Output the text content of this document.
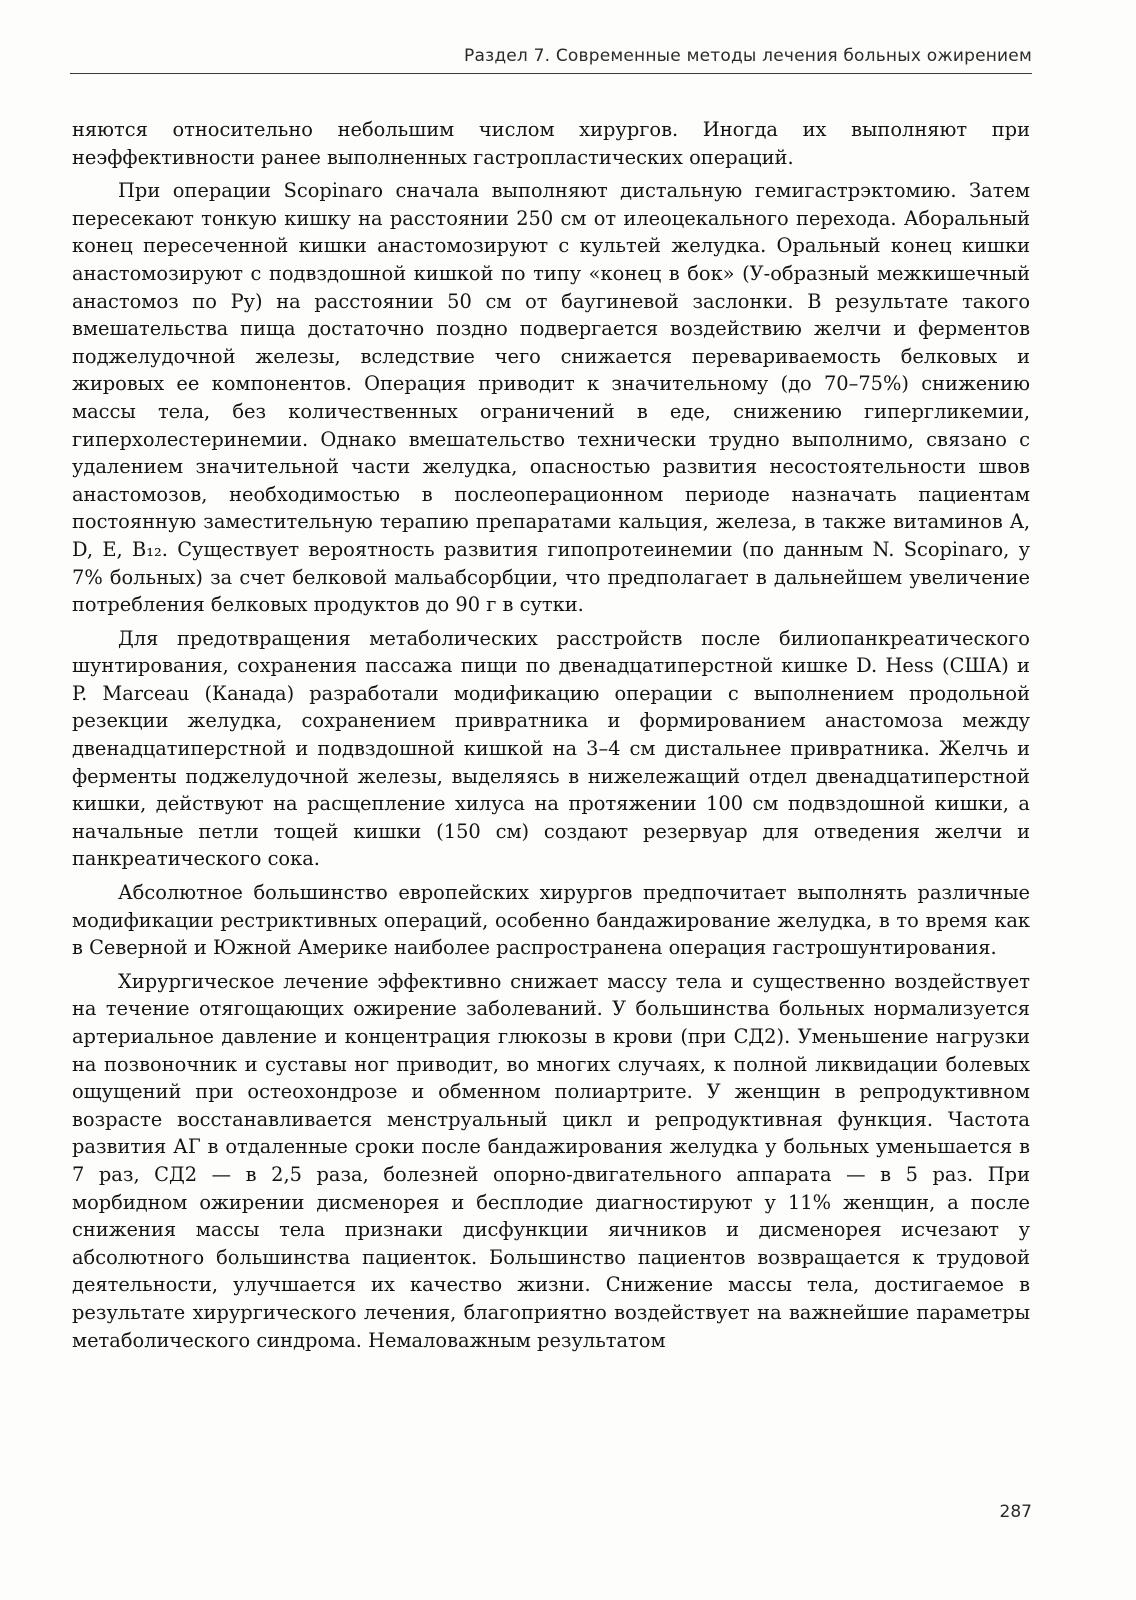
Раздел 7. Современные методы лечения больных ожирением

няются относительно небольшим числом хирургов. Иногда их выполняют при неэффективности ранее выполненных гастропластических операций.

При операции Scopinaro сначала выполняют дистальную гемигастрэктомию. Затем пересекают тонкую кишку на расстоянии 250 см от илеоцекального перехода. Аборальный конец пересеченной кишки анастомозируют с культей желудка. Оральный конец кишки анастомозируют с подвздошной кишкой по типу «конец в бок» (У-образный межкишечный анастомоз по Ру) на расстоянии 50 см от баугиневой заслонки. В результате такого вмешательства пища достаточно поздно подвергается воздействию желчи и ферментов поджелудочной железы, вследствие чего снижается перевариваемость белковых и жировых ее компонентов. Операция приводит к значительному (до 70–75%) снижению массы тела, без количественных ограничений в еде, снижению гипергликемии, гиперхолестеринемии. Однако вмешательство технически трудно выполнимо, связано с удалением значительной части желудка, опасностью развития несостоятельности швов анастомозов, необходимостью в послеоперационном периоде назначать пациентам постоянную заместительную терапию препаратами кальция, железа, в также витаминов A, D, E, B₁₂. Существует вероятность развития гипопротеинемии (по данным N. Scopinaro, у 7% больных) за счет белковой мальабсорбции, что предполагает в дальнейшем увеличение потребления белковых продуктов до 90 г в сутки.

Для предотвращения метаболических расстройств после билиопанкреатического шунтирования, сохранения пассажа пищи по двенадцатиперстной кишке D. Hess (США) и P. Marceau (Канада) разработали модификацию операции с выполнением продольной резекции желудка, сохранением привратника и формированием анастомоза между двенадцатиперстной и подвздошной кишкой на 3–4 см дистальнее привратника. Желчь и ферменты поджелудочной железы, выделяясь в нижележащий отдел двенадцатиперстной кишки, действуют на расщепление хилуса на протяжении 100 см подвздошной кишки, а начальные петли тощей кишки (150 см) создают резервуар для отведения желчи и панкреатического сока.

Абсолютное большинство европейских хирургов предпочитает выполнять различные модификации рестриктивных операций, особенно бандажирование желудка, в то время как в Северной и Южной Америке наиболее распространена операция гастрошунтирования.

Хирургическое лечение эффективно снижает массу тела и существенно воздействует на течение отягощающих ожирение заболеваний. У большинства больных нормализуется артериальное давление и концентрация глюкозы в крови (при СД2). Уменьшение нагрузки на позвоночник и суставы ног приводит, во многих случаях, к полной ликвидации болевых ощущений при остеохондрозе и обменном полиартрите. У женщин в репродуктивном возрасте восстанавливается менструальный цикл и репродуктивная функция. Частота развития АГ в отдаленные сроки после бандажирования желудка у больных уменьшается в 7 раз, СД2 — в 2,5 раза, болезней опорно-двигательного аппарата — в 5 раз. При морбидном ожирении дисменорея и бесплодие диагностируют у 11% женщин, а после снижения массы тела признаки дисфункции яичников и дисменорея исчезают у абсолютного большинства пациенток. Большинство пациентов возвращается к трудовой деятельности, улучшается их качество жизни. Снижение массы тела, достигаемое в результате хирургического лечения, благоприятно воздействует на важнейшие параметры метаболического синдрома. Немаловажным результатом

287
